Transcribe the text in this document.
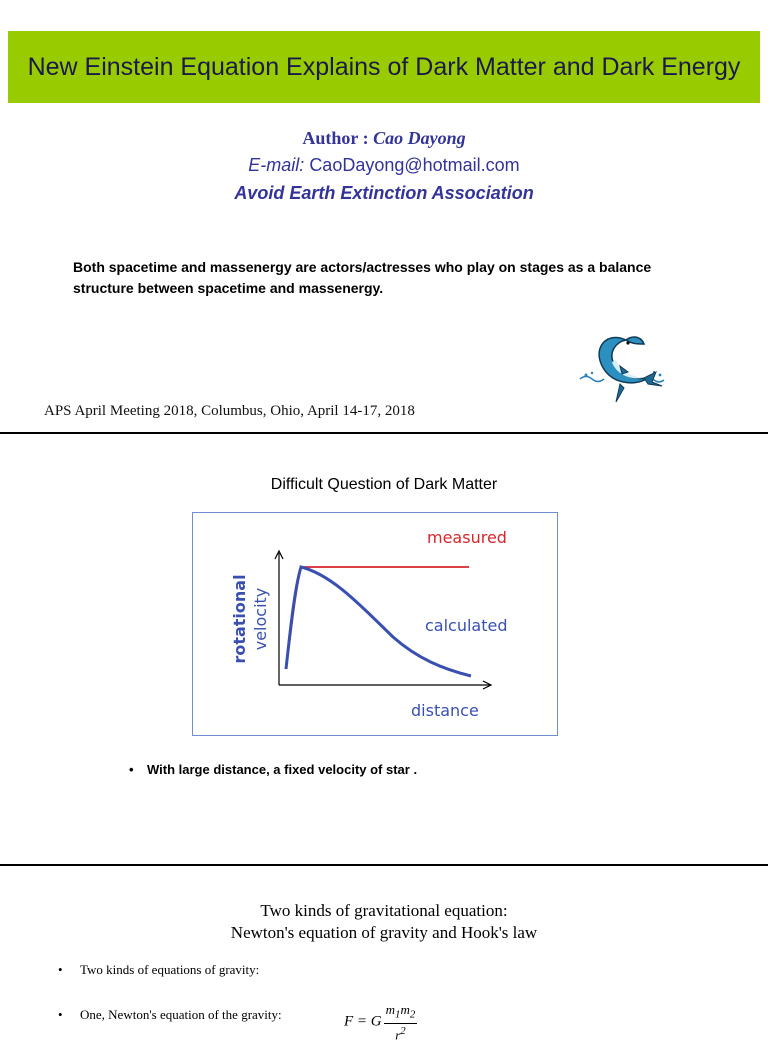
New Einstein Equation Explains of Dark Matter and Dark Energy
Author : Cao Dayong
E-mail: CaoDayong@hotmail.com
Avoid Earth Extinction Association
Both spacetime and massenergy are actors/actresses who play on stages as a balance structure between spacetime and massenergy.
APS April Meeting 2018, Columbus, Ohio, April 14-17, 2018
Difficult Question of Dark Matter
measured
calculated
distance
rotational velocity
• With large distance, a fixed velocity of star .
Two kinds of gravitational equation:
Newton's equation of gravity and Hook's law
• Two kinds of equations of gravity:
• One, Newton's equation of the gravity:	F = G $\frac{m_1m_2}{r^2}$
